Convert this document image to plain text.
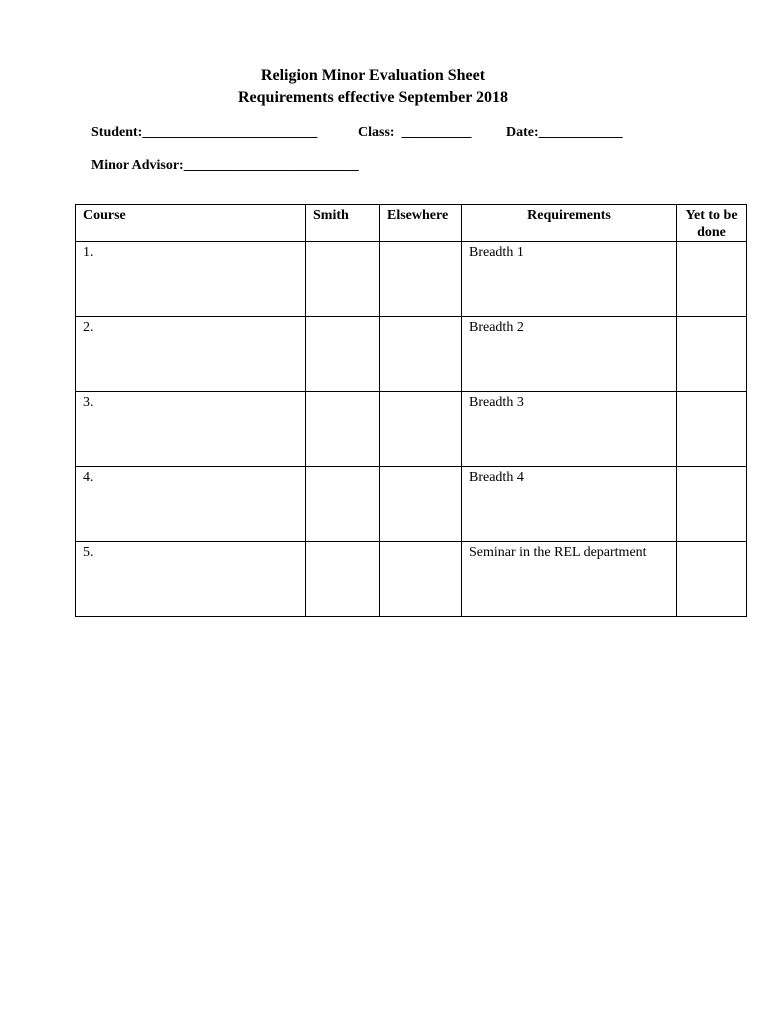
Religion Minor Evaluation Sheet
Requirements effective September 2018
Student:_________________________	Class:  __________ Date:____________
Minor Advisor:_________________________
Course	Smith	Elsewhere	Requirements	Yet to be done
1.			Breadth 1	
2.			Breadth 2	
3.			Breadth 3	
4.			Breadth 4	
5.			Seminar in the REL department	
